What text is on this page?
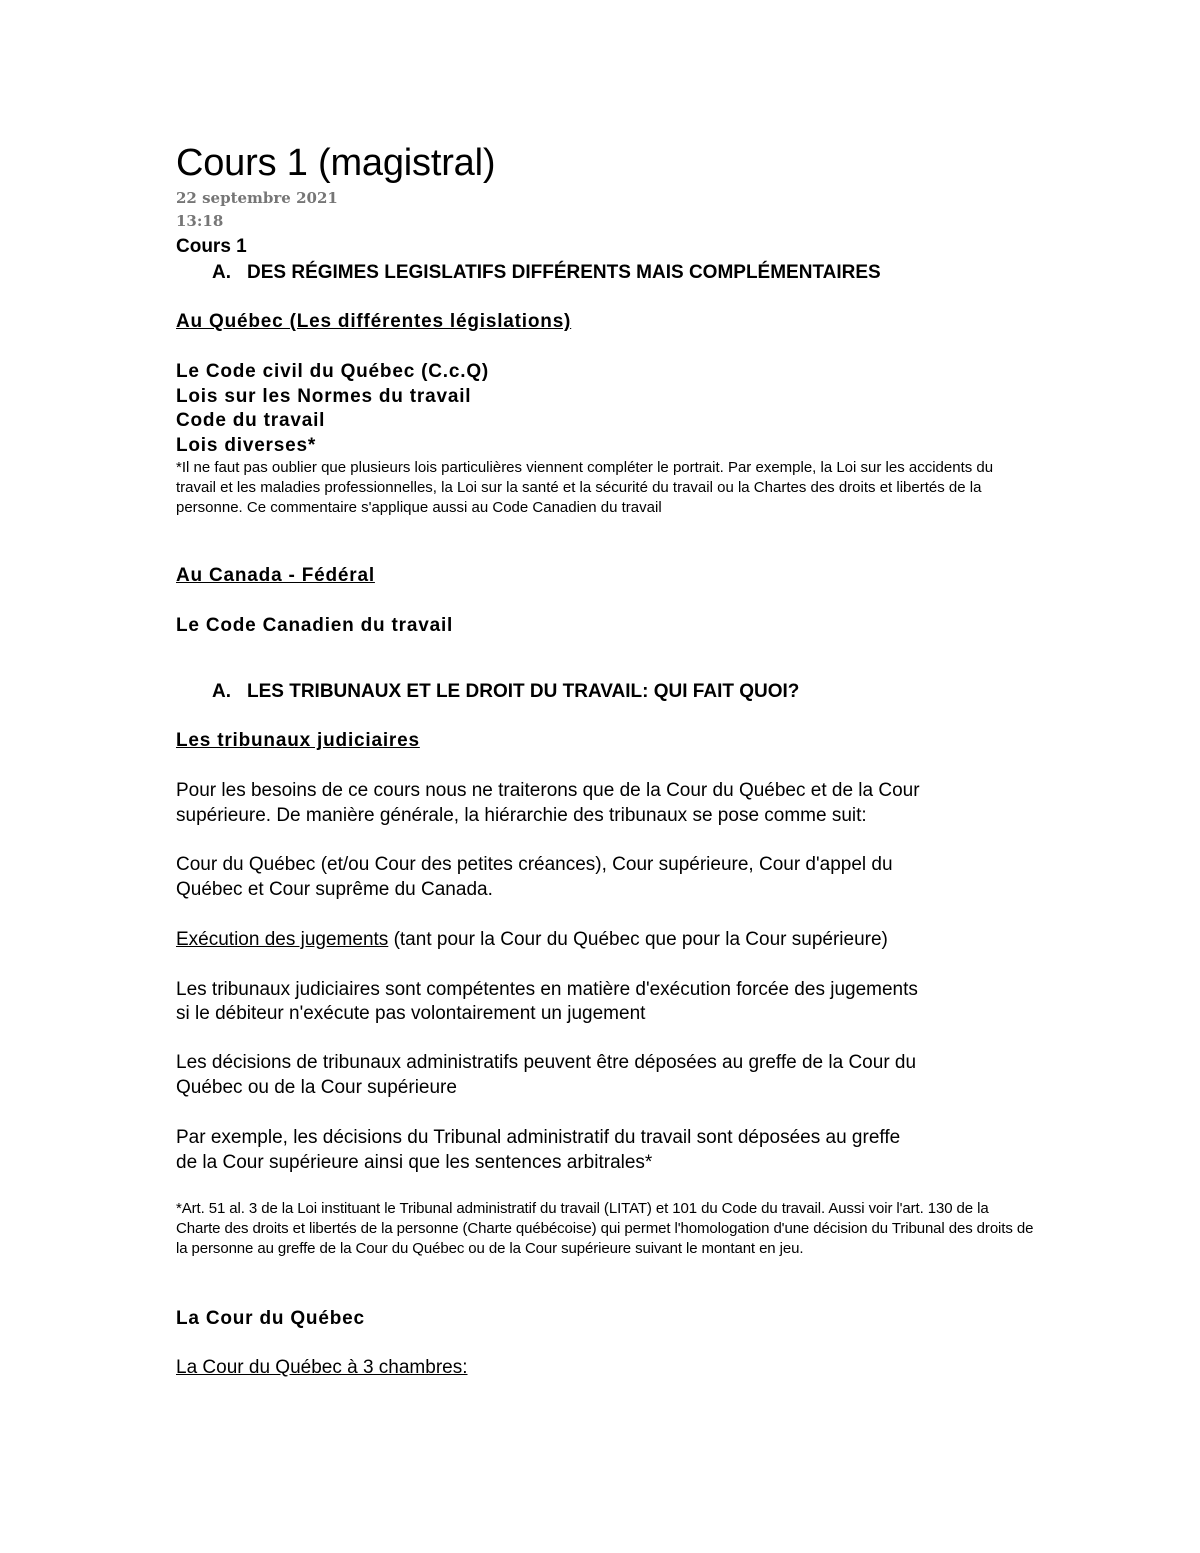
Cours 1 (magistral)
22 septembre 2021
13:18
Cours 1
A. DES RÉGIMES LEGISLATIFS DIFFÉRENTS MAIS COMPLÉMENTAIRES
Au Québec (Les différentes législations)
Le Code civil du Québec (C.c.Q)
Lois sur les Normes du travail
Code du travail
Lois diverses*
*Il ne faut pas oublier que plusieurs lois particulières viennent compléter le portrait. Par exemple, la Loi sur les accidents du travail et les maladies professionnelles, la Loi sur la santé et la sécurité du travail ou la Chartes des droits et libertés de la personne. Ce commentaire s'applique aussi au Code Canadien du travail
Au Canada - Fédéral
Le Code Canadien du travail
A. LES TRIBUNAUX ET LE DROIT DU TRAVAIL: QUI FAIT QUOI?
Les tribunaux judiciaires
Pour les besoins de ce cours nous ne traiterons que de la Cour du Québec et de la Cour
supérieure. De manière générale, la hiérarchie des tribunaux se pose comme suit:
Cour du Québec (et/ou Cour des petites créances), Cour supérieure, Cour d'appel du
Québec et Cour suprême du Canada.
Exécution des jugements (tant pour la Cour du Québec que pour la Cour supérieure)
Les tribunaux judiciaires sont compétentes en matière d'exécution forcée des jugements
si le débiteur n'exécute pas volontairement un jugement
Les décisions de tribunaux administratifs peuvent être déposées au greffe de la Cour du
Québec ou de la Cour supérieure
Par exemple, les décisions du Tribunal administratif du travail sont déposées au greffe
de la Cour supérieure ainsi que les sentences arbitrales*
*Art. 51 al. 3 de la Loi instituant le Tribunal administratif du travail (LITAT) et 101 du Code du travail. Aussi voir l'art. 130 de la Charte des droits et libertés de la personne (Charte québécoise) qui permet l'homologation d'une décision du Tribunal des droits de la personne au greffe de la Cour du Québec ou de la Cour supérieure suivant le montant en jeu.
La Cour du Québec
La Cour du Québec à 3 chambres:
